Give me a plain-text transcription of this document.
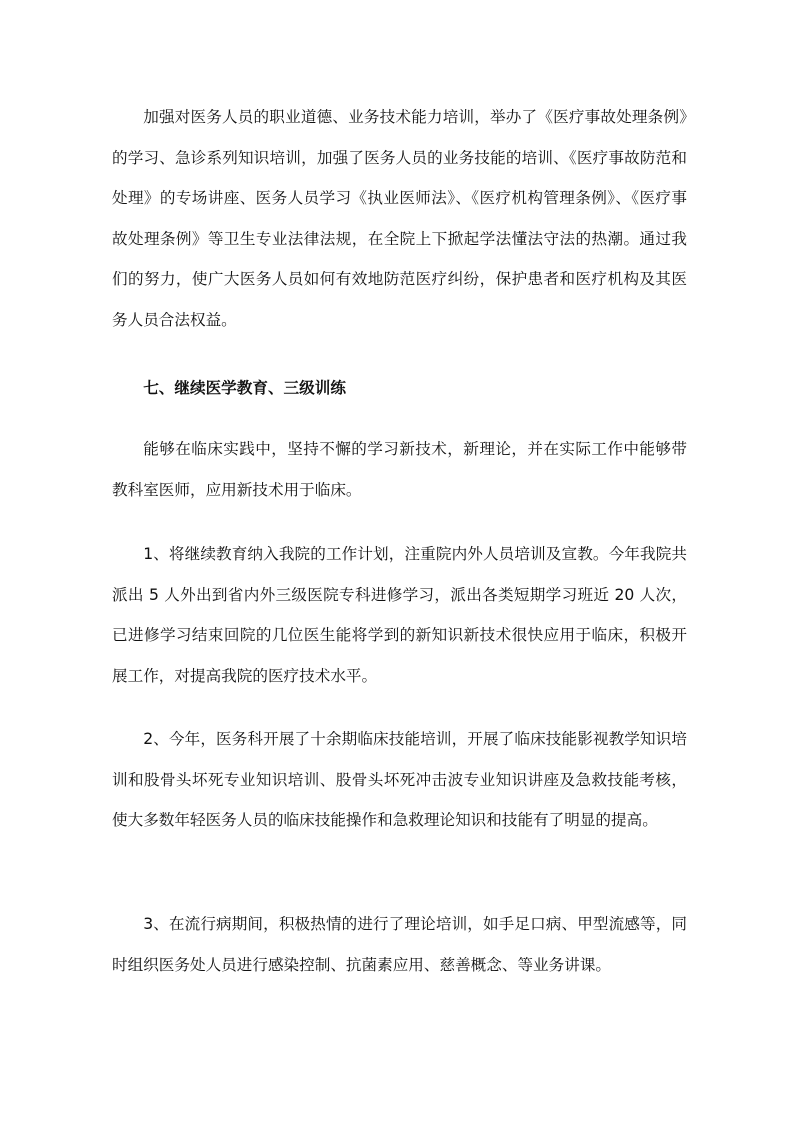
加强对医务人员的职业道德、业务技术能力培训，举办了《医疗事故处理条例》的学习、急诊系列知识培训，加强了医务人员的业务技能的培训、《医疗事故防范和处理》的专场讲座、医务人员学习《执业医师法》、《医疗机构管理条例》、《医疗事故处理条例》等卫生专业法律法规，在全院上下掀起学法懂法守法的热潮。通过我们的努力，使广大医务人员如何有效地防范医疗纠纷，保护患者和医疗机构及其医务人员合法权益。

七、继续医学教育、三级训练

能够在临床实践中，坚持不懈的学习新技术，新理论，并在实际工作中能够带教科室医师，应用新技术用于临床。

1、将继续教育纳入我院的工作计划，注重院内外人员培训及宣教。今年我院共派出 5 人外出到省内外三级医院专科进修学习，派出各类短期学习班近 20 人次，已进修学习结束回院的几位医生能将学到的新知识新技术很快应用于临床，积极开展工作，对提高我院的医疗技术水平。

2、今年，医务科开展了十余期临床技能培训，开展了临床技能影视教学知识培训和股骨头坏死专业知识培训、股骨头坏死冲击波专业知识讲座及急救技能考核，使大多数年轻医务人员的临床技能操作和急救理论知识和技能有了明显的提高。

3、在流行病期间，积极热情的进行了理论培训，如手足口病、甲型流感等，同时组织医务处人员进行感染控制、抗菌素应用、慈善概念、等业务讲课。
